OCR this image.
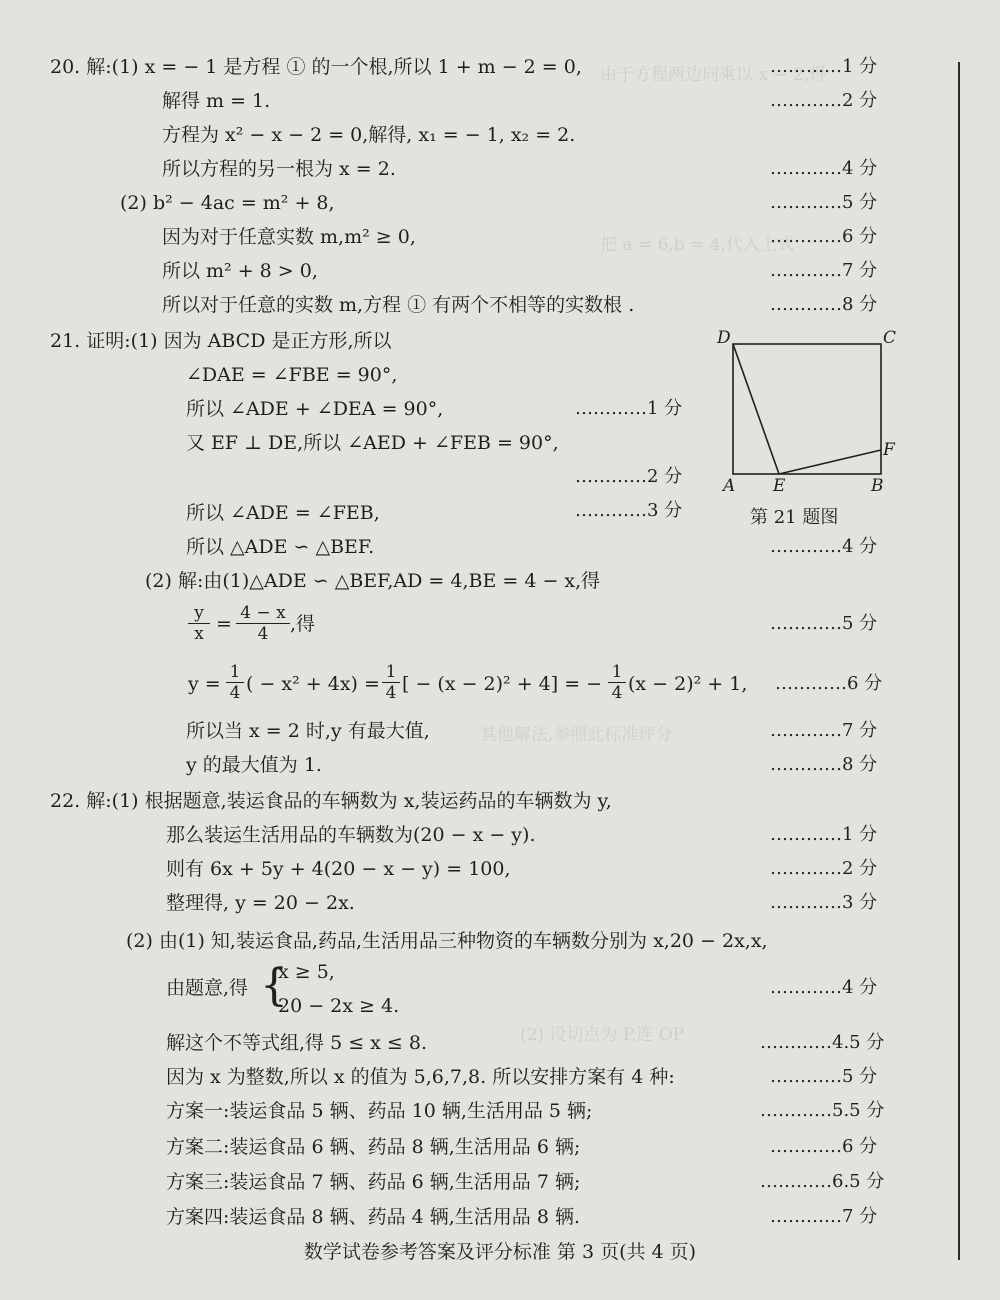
由于方程两边同乘以 x − 2,得
把 a = 6,b = 4,代入上式
其他解法,参照此标准评分
(2) 设切点为 P,连 OP
20. 解:(1) x = − 1 是方程 ① 的一个根,所以 1 + m − 2 = 0,	…………1 分
解得 m = 1.	…………2 分
方程为 x² − x − 2 = 0,解得, x₁ = − 1, x₂ = 2.
所以方程的另一根为 x = 2.	…………4 分
(2) b² − 4ac = m² + 8,	…………5 分
因为对于任意实数 m,m² ≥ 0,	…………6 分
所以 m² + 8 > 0,	…………7 分
所以对于任意的实数 m,方程 ① 有两个不相等的实数根 .	…………8 分
21. 证明:(1) 因为 ABCD 是正方形,所以
∠DAE = ∠FBE = 90°,
所以 ∠ADE + ∠DEA = 90°,	…………1 分
又 EF ⊥ DE,所以 ∠AED + ∠FEB = 90°,
…………2 分
…………3 分
所以 ∠ADE = ∠FEB,
所以 △ADE ∽ △BEF.	…………4 分
(2) 解:由(1)△ADE ∽ △BEF,AD = 4,BE = 4 − x,得
$\frac{y}{x} = \frac{4 - x}{4}$ ,得	…………5 分
$y = \frac{1}{4}$ ( − $x^2 + 4x) = \frac{1}{4}$ [ − (x − 2)² + 4] = − $\frac{1}{4} (x - 2)^2 + 1$, …………6 分
所以当 x = 2 时,y 有最大值,	…………7 分
y 的最大值为 1.	…………8 分
D	C
A E	B
F
第 21 题图
22. 解:(1) 根据题意,装运食品的车辆数为 x,装运药品的车辆数为 y,
那么装运生活用品的车辆数为(20 − x − y).	…………1 分
则有 6x + 5y + 4(20 − x − y) = 100,	…………2 分
整理得, y = 20 − 2x.	…………3 分
(2) 由(1) 知,装运食品,药品,生活用品三种物资的车辆数分别为 x,20 − 2x,x,
由题意,得 {
x ≥ 5,
20 − 2x ≥ 4.
…………4 分
解这个不等式组,得 5 ≤ x ≤ 8.	…………4.5 分
因为 x 为整数,所以 x 的值为 5,6,7,8. 所以安排方案有 4 种:	…………5 分
方案一:装运食品 5 辆、药品 10 辆,生活用品 5 辆;	…………5.5 分
方案二:装运食品 6 辆、药品 8 辆,生活用品 6 辆;	…………6 分
方案三:装运食品 7 辆、药品 6 辆,生活用品 7 辆;	…………6.5 分
方案四:装运食品 8 辆、药品 4 辆,生活用品 8 辆.	…………7 分
数学试卷参考答案及评分标准 第 3 页(共 4 页)
